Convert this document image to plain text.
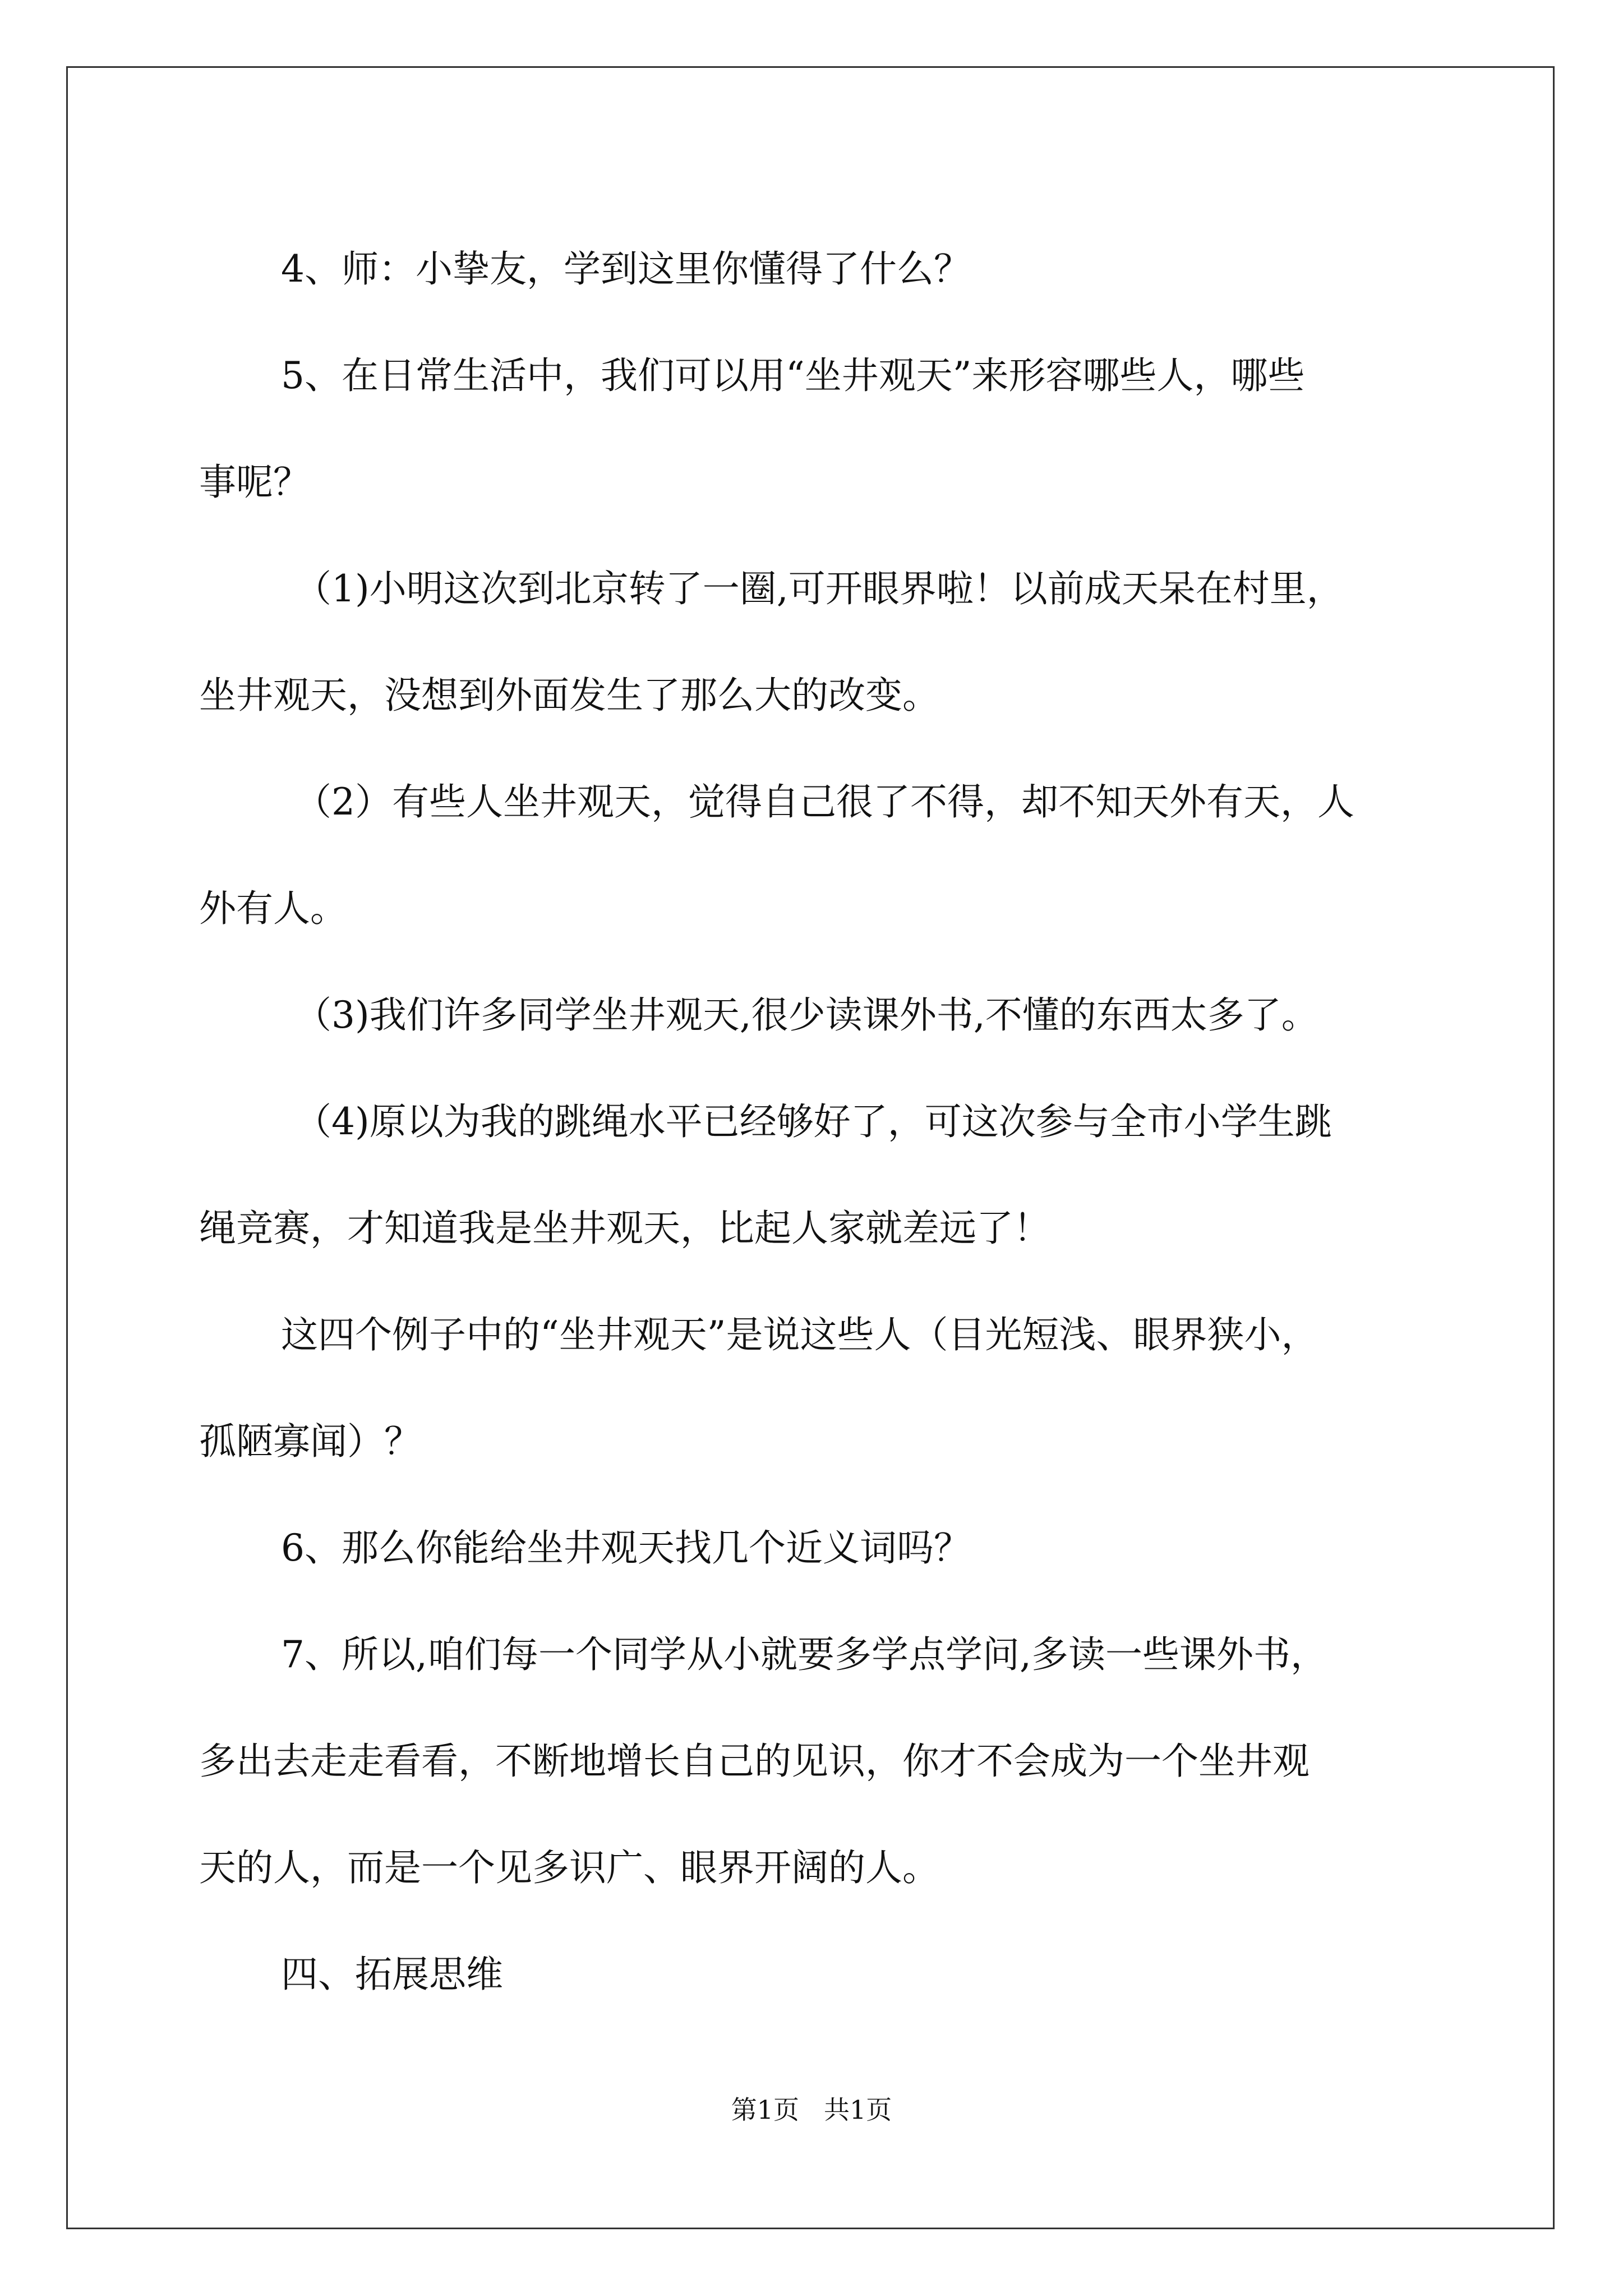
4、师：小挚友，学到这里你懂得了什么？
5、在日常生活中，我们可以用“坐井观天”来形容哪些人，哪些
事呢？
（1)小明这次到北京转了一圈,可开眼界啦！以前成天呆在村里，
坐井观天，没想到外面发生了那么大的改变。
（2）有些人坐井观天，觉得自己很了不得，却不知天外有天，人
外有人。
（3)我们许多同学坐井观天,很少读课外书,不懂的东西太多了。
（4)原以为我的跳绳水平已经够好了，可这次参与全市小学生跳
绳竞赛，才知道我是坐井观天，比起人家就差远了！
这四个例子中的“坐井观天”是说这些人（目光短浅、眼界狭小，
孤陋寡闻）？
6、那么你能给坐井观天找几个近义词吗？
7、所以,咱们每一个同学从小就要多学点学问,多读一些课外书，
多出去走走看看，不断地增长自己的见识，你才不会成为一个坐井观
天的人，而是一个见多识广、眼界开阔的人。
四、拓展思维
第1页 共1页
